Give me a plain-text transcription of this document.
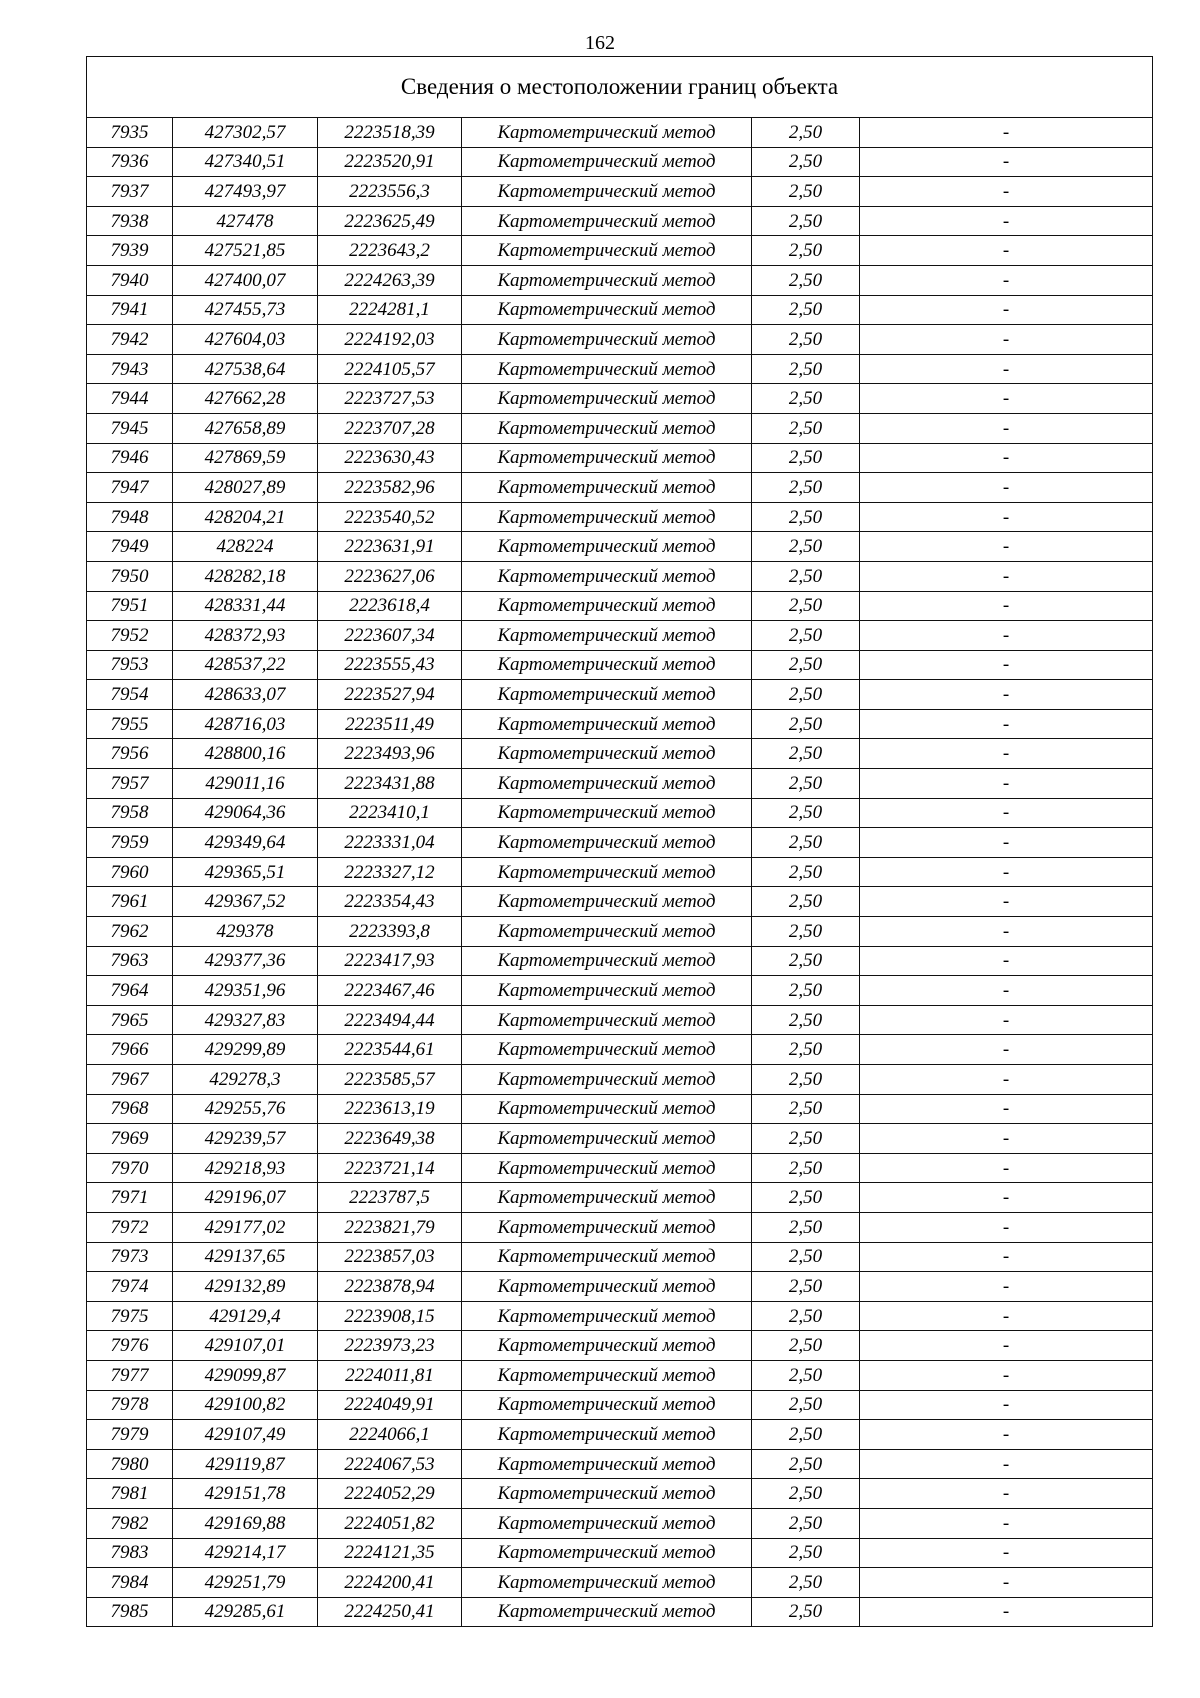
162
Сведения о местоположении границ объекта					
7935	427302,57	2223518,39	Картометрический метод	2,50	-
7936	427340,51	2223520,91	Картометрический метод	2,50	-
7937	427493,97	2223556,3	Картометрический метод	2,50	-
7938	427478	2223625,49	Картометрический метод	2,50	-
7939	427521,85	2223643,2	Картометрический метод	2,50	-
7940	427400,07	2224263,39	Картометрический метод	2,50	-
7941	427455,73	2224281,1	Картометрический метод	2,50	-
7942	427604,03	2224192,03	Картометрический метод	2,50	-
7943	427538,64	2224105,57	Картометрический метод	2,50	-
7944	427662,28	2223727,53	Картометрический метод	2,50	-
7945	427658,89	2223707,28	Картометрический метод	2,50	-
7946	427869,59	2223630,43	Картометрический метод	2,50	-
7947	428027,89	2223582,96	Картометрический метод	2,50	-
7948	428204,21	2223540,52	Картометрический метод	2,50	-
7949	428224	2223631,91	Картометрический метод	2,50	-
7950	428282,18	2223627,06	Картометрический метод	2,50	-
7951	428331,44	2223618,4	Картометрический метод	2,50	-
7952	428372,93	2223607,34	Картометрический метод	2,50	-
7953	428537,22	2223555,43	Картометрический метод	2,50	-
7954	428633,07	2223527,94	Картометрический метод	2,50	-
7955	428716,03	2223511,49	Картометрический метод	2,50	-
7956	428800,16	2223493,96	Картометрический метод	2,50	-
7957	429011,16	2223431,88	Картометрический метод	2,50	-
7958	429064,36	2223410,1	Картометрический метод	2,50	-
7959	429349,64	2223331,04	Картометрический метод	2,50	-
7960	429365,51	2223327,12	Картометрический метод	2,50	-
7961	429367,52	2223354,43	Картометрический метод	2,50	-
7962	429378	2223393,8	Картометрический метод	2,50	-
7963	429377,36	2223417,93	Картометрический метод	2,50	-
7964	429351,96	2223467,46	Картометрический метод	2,50	-
7965	429327,83	2223494,44	Картометрический метод	2,50	-
7966	429299,89	2223544,61	Картометрический метод	2,50	-
7967	429278,3	2223585,57	Картометрический метод	2,50	-
7968	429255,76	2223613,19	Картометрический метод	2,50	-
7969	429239,57	2223649,38	Картометрический метод	2,50	-
7970	429218,93	2223721,14	Картометрический метод	2,50	-
7971	429196,07	2223787,5	Картометрический метод	2,50	-
7972	429177,02	2223821,79	Картометрический метод	2,50	-
7973	429137,65	2223857,03	Картометрический метод	2,50	-
7974	429132,89	2223878,94	Картометрический метод	2,50	-
7975	429129,4	2223908,15	Картометрический метод	2,50	-
7976	429107,01	2223973,23	Картометрический метод	2,50	-
7977	429099,87	2224011,81	Картометрический метод	2,50	-
7978	429100,82	2224049,91	Картометрический метод	2,50	-
7979	429107,49	2224066,1	Картометрический метод	2,50	-
7980	429119,87	2224067,53	Картометрический метод	2,50	-
7981	429151,78	2224052,29	Картометрический метод	2,50	-
7982	429169,88	2224051,82	Картометрический метод	2,50	-
7983	429214,17	2224121,35	Картометрический метод	2,50	-
7984	429251,79	2224200,41	Картометрический метод	2,50	-
7985	429285,61	2224250,41	Картометрический метод	2,50	-
